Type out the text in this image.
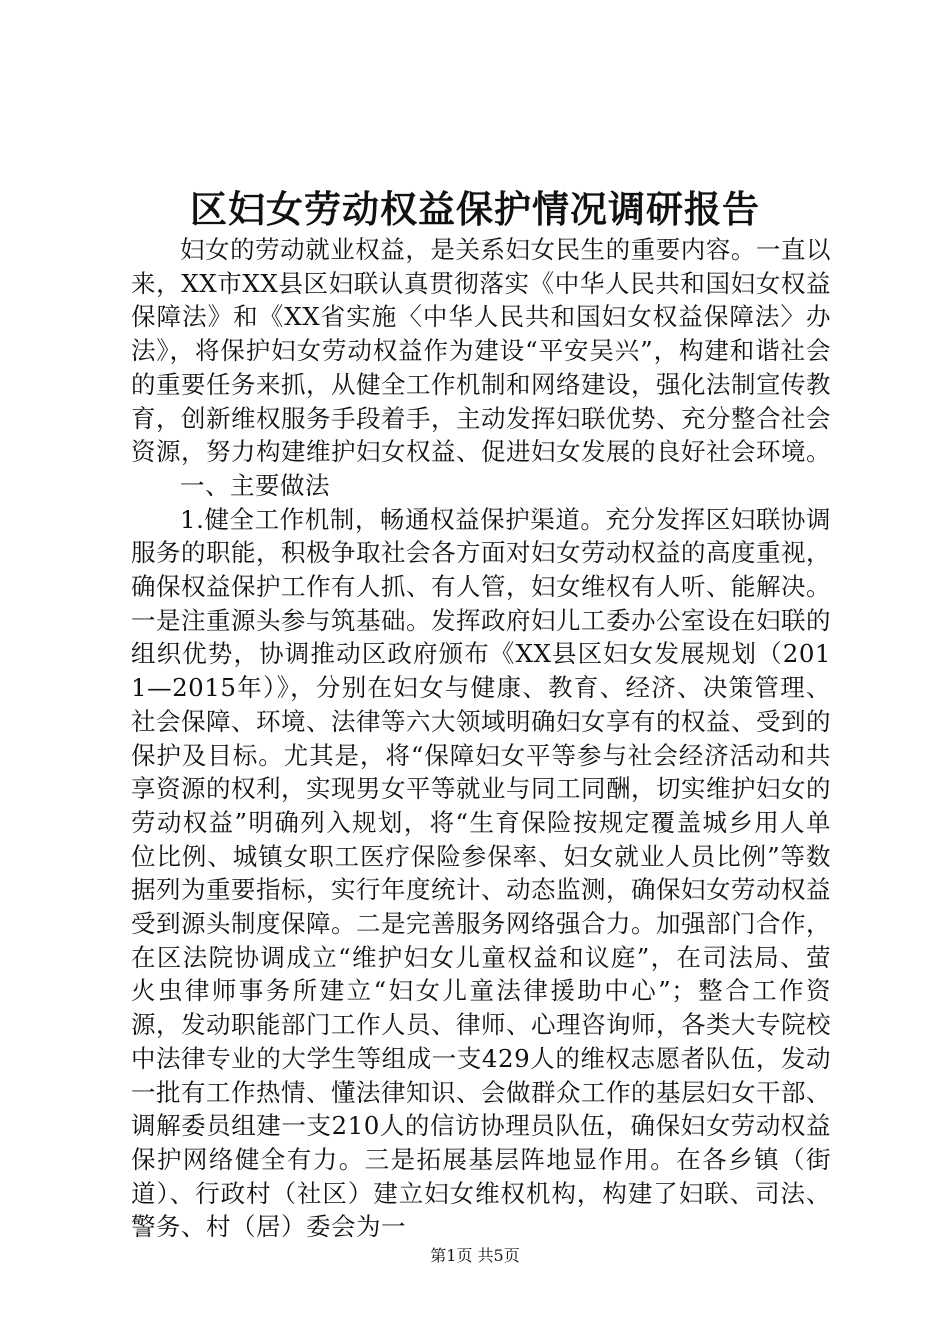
区妇女劳动权益保护情况调研报告

妇女的劳动就业权益，是关系妇女民生的重要内容。一直以来，XX市XX县区妇联认真贯彻落实《中华人民共和国妇女权益保障法》和《XX省实施〈中华人民共和国妇女权益保障法〉办法》，将保护妇女劳动权益作为建设“平安吴兴”，构建和谐社会的重要任务来抓，从健全工作机制和网络建设，强化法制宣传教育，创新维权服务手段着手，主动发挥妇联优势、充分整合社会资源，努力构建维护妇女权益、促进妇女发展的良好社会环境。

一、主要做法

1.健全工作机制，畅通权益保护渠道。充分发挥区妇联协调服务的职能，积极争取社会各方面对妇女劳动权益的高度重视，确保权益保护工作有人抓、有人管，妇女维权有人听、能解决。一是注重源头参与筑基础。发挥政府妇儿工委办公室设在妇联的组织优势，协调推动区政府颁布《XX县区妇女发展规划（2011—2015年）》，分别在妇女与健康、教育、经济、决策管理、社会保障、环境、法律等六大领域明确妇女享有的权益、受到的保护及目标。尤其是，将“保障妇女平等参与社会经济活动和共享资源的权利，实现男女平等就业与同工同酬，切实维护妇女的劳动权益”明确列入规划，将“生育保险按规定覆盖城乡用人单位比例、城镇女职工医疗保险参保率、妇女就业人员比例”等数据列为重要指标，实行年度统计、动态监测，确保妇女劳动权益受到源头制度保障。二是完善服务网络强合力。加强部门合作，在区法院协调成立“维护妇女儿童权益和议庭”，在司法局、萤火虫律师事务所建立“妇女儿童法律援助中心”；整合工作资源，发动职能部门工作人员、律师、心理咨询师，各类大专院校中法律专业的大学生等组成一支429人的维权志愿者队伍，发动一批有工作热情、懂法律知识、会做群众工作的基层妇女干部、调解委员组建一支210人的信访协理员队伍，确保妇女劳动权益保护网络健全有力。三是拓展基层阵地显作用。在各乡镇（街道）、行政村（社区）建立妇女维权机构，构建了妇联、司法、警务、村（居）委会为一

第1页 共5页
